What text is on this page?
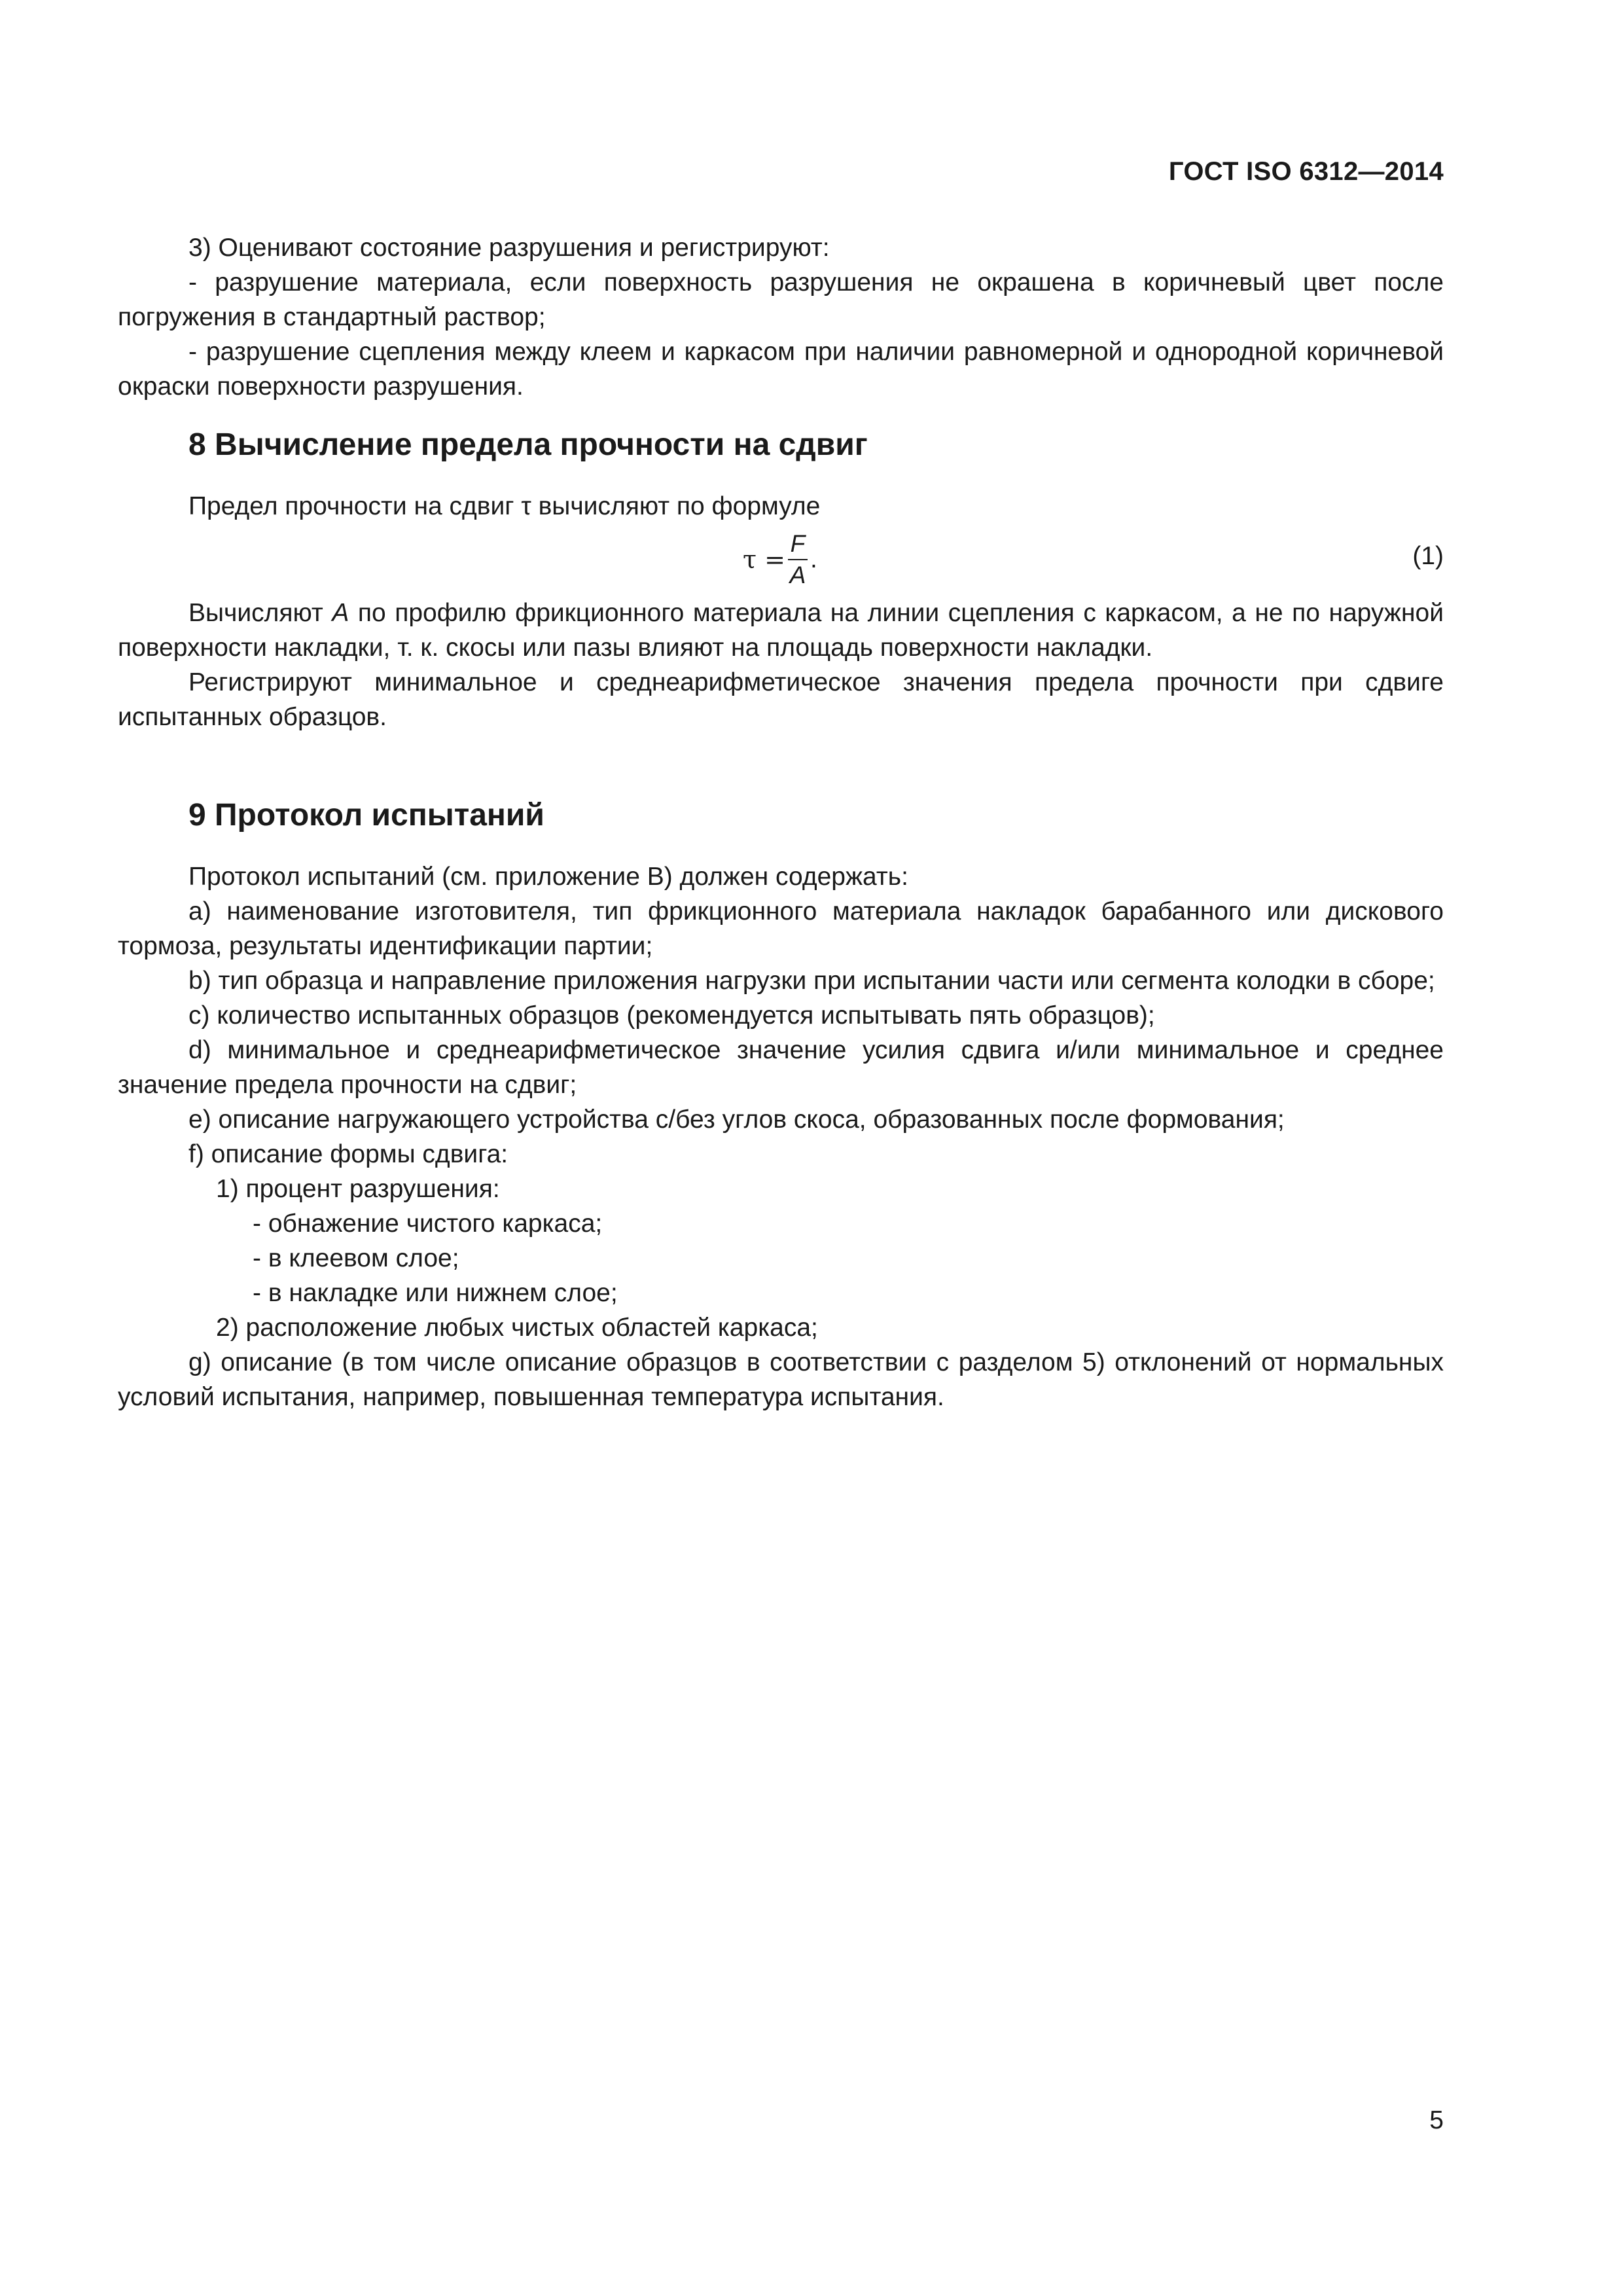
ГОСТ ISO 6312—2014

3) Оценивают состояние разрушения и регистрируют:

- разрушение материала, если поверхность разрушения не окрашена в коричневый цвет после погружения в стандартный раствор;

- разрушение сцепления между клеем и каркасом при наличии равномерной и однородной коричневой окраски поверхности разрушения.

8 Вычисление предела прочности на сдвиг

Предел прочности на сдвиг τ вычисляют по формуле

$\tau = \frac{F}{A}$ .	(1)

Вычисляют A по профилю фрикционного материала на линии сцепления с каркасом, а не по наружной поверхности накладки, т. к. скосы или пазы влияют на площадь поверхности накладки.

Регистрируют минимальное и среднеарифметическое значения предела прочности при сдвиге испытанных образцов.

9 Протокол испытаний

Протокол испытаний (см. приложение В) должен содержать:

a) наименование изготовителя, тип фрикционного материала накладок барабанного или дискового тормоза, результаты идентификации партии;

b) тип образца и направление приложения нагрузки при испытании части или сегмента колодки в сборе;

c) количество испытанных образцов (рекомендуется испытывать пять образцов);

d) минимальное и среднеарифметическое значение усилия сдвига и/или минимальное и среднее значение предела прочности на сдвиг;

e) описание нагружающего устройства с/без углов скоса, образованных после формования;

f) описание формы сдвига:

1) процент разрушения:

- обнажение чистого каркаса;

- в клеевом слое;

- в накладке или нижнем слое;

2) расположение любых чистых областей каркаса;

g) описание (в том числе описание образцов в соответствии с разделом 5) отклонений от нормальных условий испытания, например, повышенная температура испытания.

5
